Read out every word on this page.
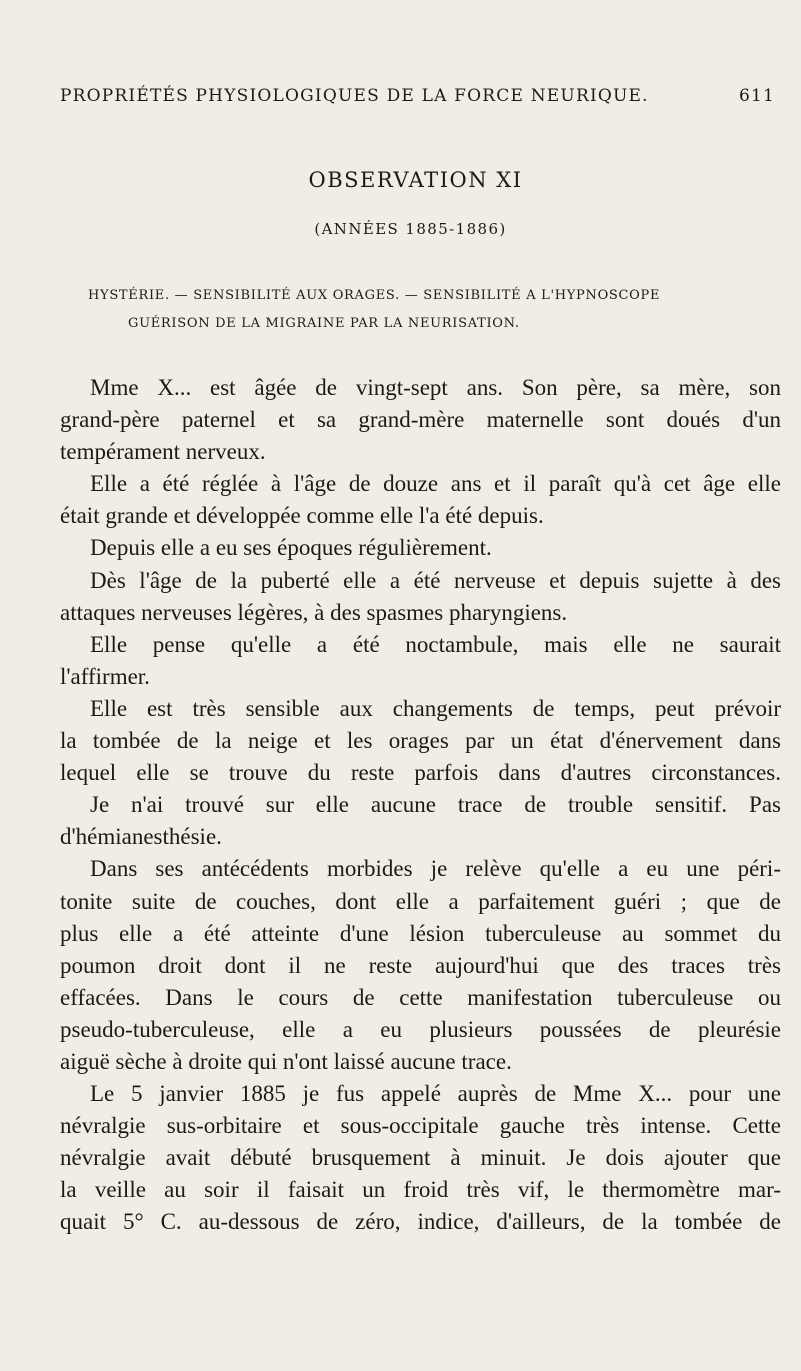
PROPRIÉTÉS PHYSIOLOGIQUES DE LA FORCE NEURIQUE.	611
OBSERVATION XI
(ANNÉES 1885-1886)
HYSTÉRIE. — SENSIBILITÉ AUX ORAGES. — SENSIBILITÉ A L'HYPNOSCOPE
GUÉRISON DE LA MIGRAINE PAR LA NEURISATION.
Mme X... est âgée de vingt-sept ans. Son père, sa mère, son
grand-père paternel et sa grand-mère maternelle sont doués d'un
tempérament nerveux.
Elle a été réglée à l'âge de douze ans et il paraît qu'à cet âge elle
était grande et développée comme elle l'a été depuis.
Depuis elle a eu ses époques régulièrement.
Dès l'âge de la puberté elle a été nerveuse et depuis sujette à des
attaques nerveuses légères, à des spasmes pharyngiens.
Elle pense qu'elle a été noctambule, mais elle ne saurait
l'affirmer.
Elle est très sensible aux changements de temps, peut prévoir
la tombée de la neige et les orages par un état d'énervement dans
lequel elle se trouve du reste parfois dans d'autres circonstances.
Je n'ai trouvé sur elle aucune trace de trouble sensitif. Pas
d'hémianesthésie.
Dans ses antécédents morbides je relève qu'elle a eu une péri-
tonite suite de couches, dont elle a parfaitement guéri ; que de
plus elle a été atteinte d'une lésion tuberculeuse au sommet du
poumon droit dont il ne reste aujourd'hui que des traces très
effacées. Dans le cours de cette manifestation tuberculeuse ou
pseudo-tuberculeuse, elle a eu plusieurs poussées de pleurésie
aiguë sèche à droite qui n'ont laissé aucune trace.
Le 5 janvier 1885 je fus appelé auprès de Mme X... pour une
névralgie sus-orbitaire et sous-occipitale gauche très intense. Cette
névralgie avait débuté brusquement à minuit. Je dois ajouter que
la veille au soir il faisait un froid très vif, le thermomètre mar-
quait 5° C. au-dessous de zéro, indice, d'ailleurs, de la tombée de
